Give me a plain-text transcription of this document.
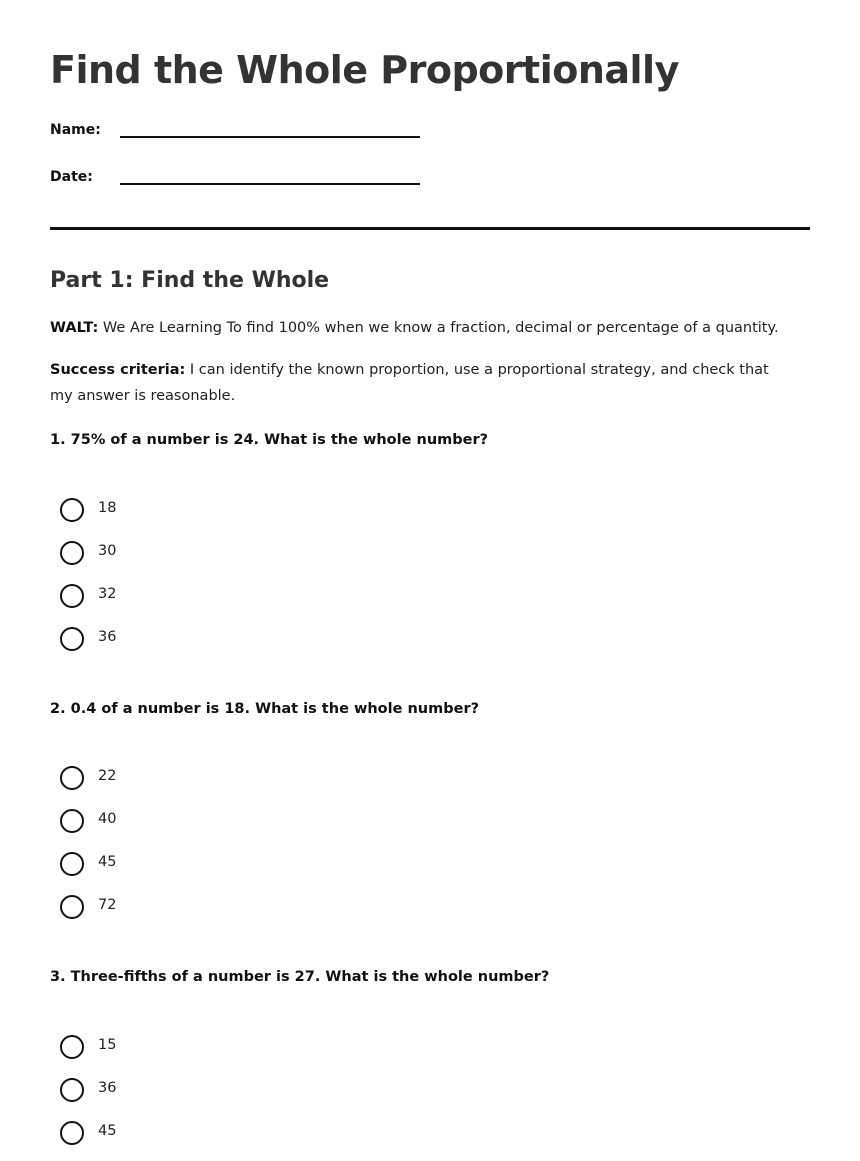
Find the Whole Proportionally
Name:
Date:
Part 1: Find the Whole

WALT: We Are Learning To find 100% when we know a fraction, decimal or percentage of a quantity.

Success criteria: I can identify the known proportion, use a proportional strategy, and check that my answer is reasonable.

1. 75% of a number is 24. What is the whole number?

18
30
32
36

2. 0.4 of a number is 18. What is the whole number?

22
40
45
72

3. Three-fifths of a number is 27. What is the whole number?

15
36
45
